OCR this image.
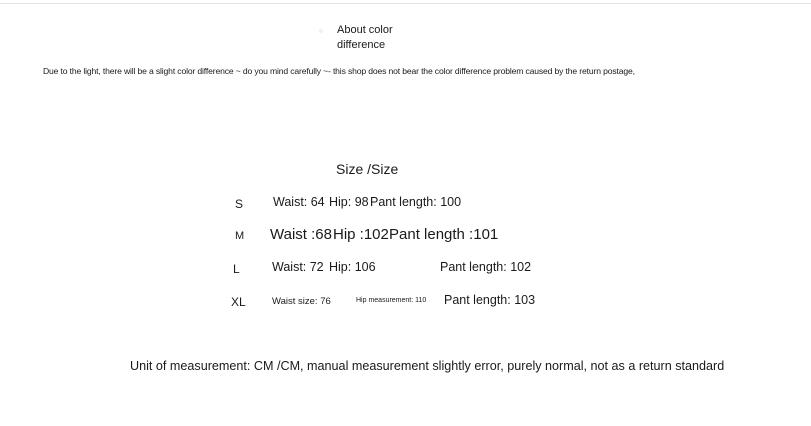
About color difference
Due to the light, there will be a slight color difference ~ do you mind carefully ~- this shop does not bear the color difference problem caused by the return postage,
Size /Size
S Waist: 64 Hip: 98 Pant length: 100
M Waist :68 Hip :102 Pant length :101
L	Waist: 72 Hip: 106	Pant length: 102
XL	Waist size: 76	Hip measurement: 110 Pant length: 103
Unit of measurement: CM /CM, manual measurement slightly error, purely normal, not as a return standard
